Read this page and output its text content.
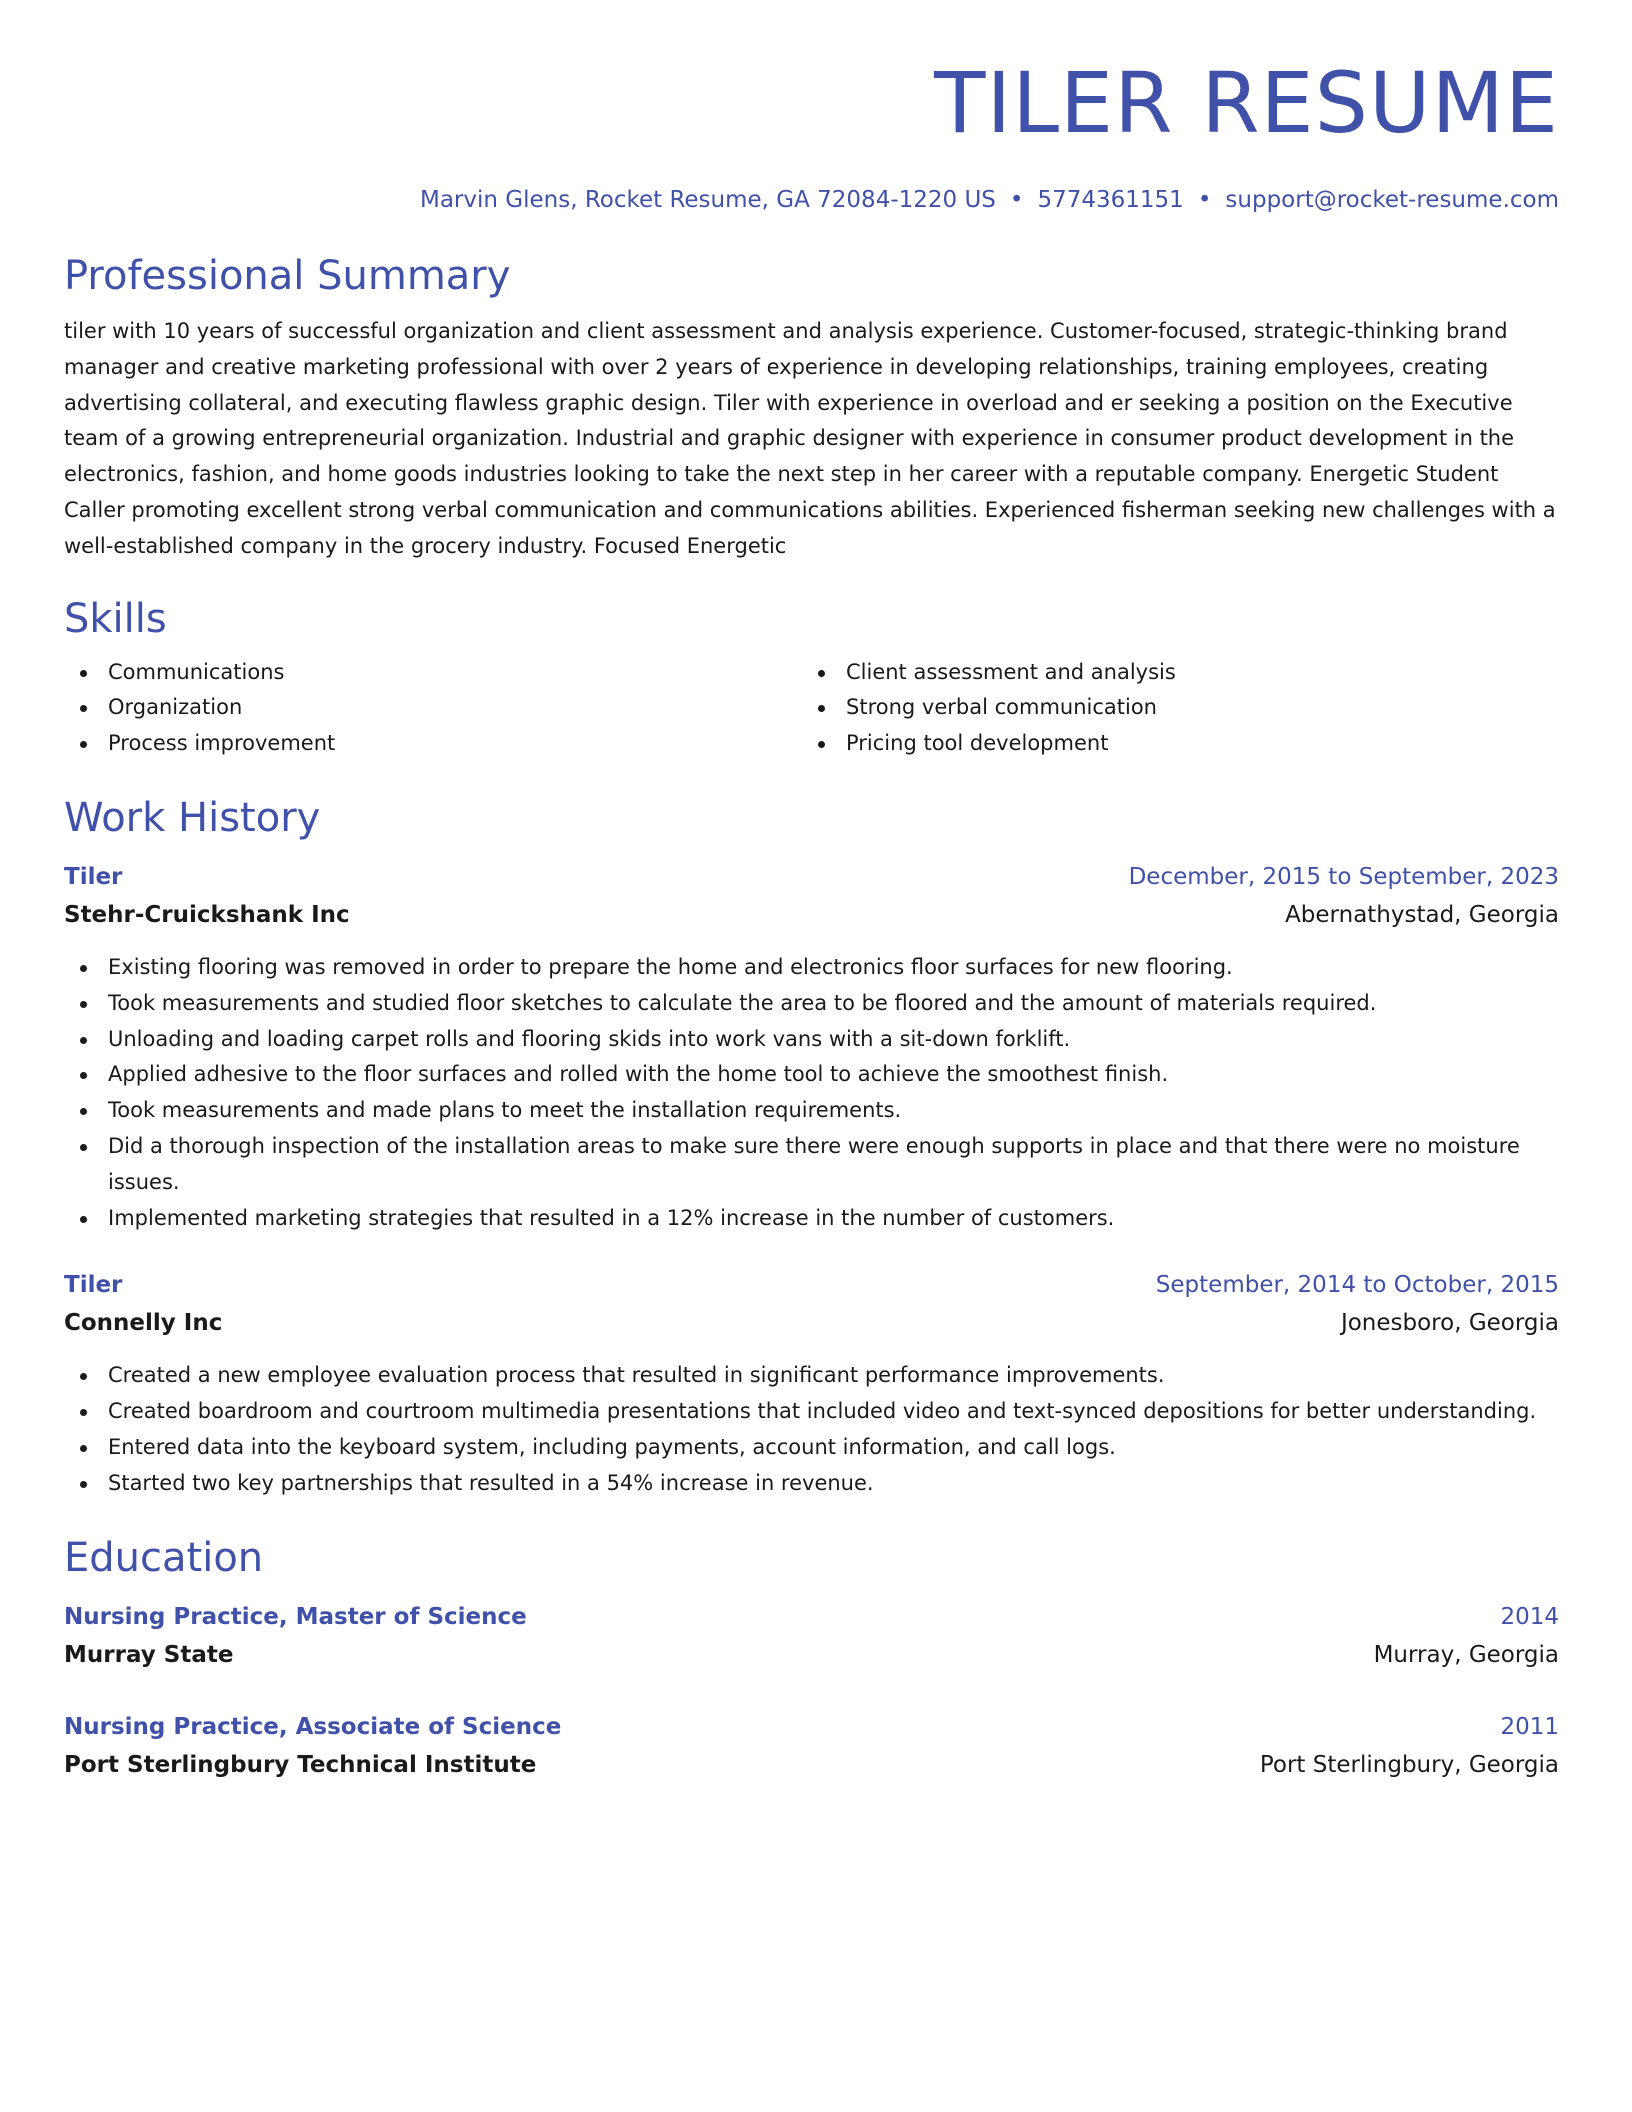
TILER RESUME
Marvin Glens, Rocket Resume, GA 72084-1220 US • 5774361151 • support@rocket-resume.com
Professional Summary

tiler with 10 years of successful organization and client assessment and analysis experience. Customer-focused, strategic-thinking brand manager and creative marketing professional with over 2 years of experience in developing relationships, training employees, creating advertising collateral, and executing flawless graphic design. Tiler with experience in overload and er seeking a position on the Executive team of a growing entrepreneurial organization. Industrial and graphic designer with experience in consumer product development in the electronics, fashion, and home goods industries looking to take the next step in her career with a reputable company. Energetic Student Caller promoting excellent strong verbal communication and communications abilities. Experienced fisherman seeking new challenges with a well-established company in the grocery industry. Focused Energetic

Skills
Communications
Organization
Process improvement
Client assessment and analysis
Strong verbal communication
Pricing tool development
Work History
Tiler	December, 2015 to September, 2023
Stehr-Cruickshank Inc	Abernathystad, Georgia
Existing flooring was removed in order to prepare the home and electronics floor surfaces for new flooring.
Took measurements and studied floor sketches to calculate the area to be floored and the amount of materials required.
Unloading and loading carpet rolls and flooring skids into work vans with a sit-down forklift.
Applied adhesive to the floor surfaces and rolled with the home tool to achieve the smoothest finish.
Took measurements and made plans to meet the installation requirements.
Did a thorough inspection of the installation areas to make sure there were enough supports in place and that there were no moisture issues.
Implemented marketing strategies that resulted in a 12% increase in the number of customers.
Tiler	September, 2014 to October, 2015
Connelly Inc	Jonesboro, Georgia
Created a new employee evaluation process that resulted in significant performance improvements.
Created boardroom and courtroom multimedia presentations that included video and text-synced depositions for better understanding.
Entered data into the keyboard system, including payments, account information, and call logs.
Started two key partnerships that resulted in a 54% increase in revenue.
Education
Nursing Practice, Master of Science	2014
Murray State	Murray, Georgia
Nursing Practice, Associate of Science	2011
Port Sterlingbury Technical Institute	Port Sterlingbury, Georgia
